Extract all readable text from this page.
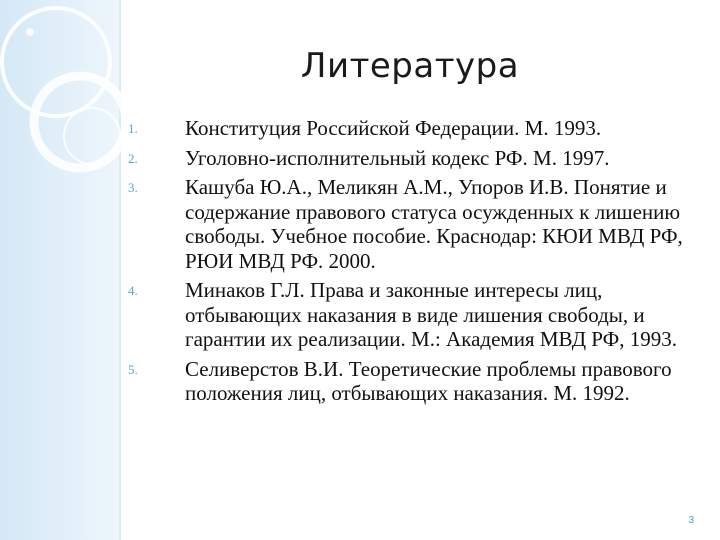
Литература
1.	Конституция Российской Федерации. М. 1993.
2.	Уголовно-исполнительный кодекс РФ. М. 1997.
3.	Кашуба Ю.А., Меликян А.М., Упоров И.В. Понятие и содержание правового статуса осужденных к лишению свободы. Учебное пособие. Краснодар: КЮИ МВД РФ, РЮИ МВД РФ. 2000.
4.	Минаков Г.Л. Права и законные интересы лиц, отбывающих наказания в виде лишения свободы, и гарантии их реализации. М.: Академия МВД РФ, 1993.
5.	Селиверстов В.И. Теоретические проблемы правового положения лиц, отбывающих наказания. М. 1992.
3
